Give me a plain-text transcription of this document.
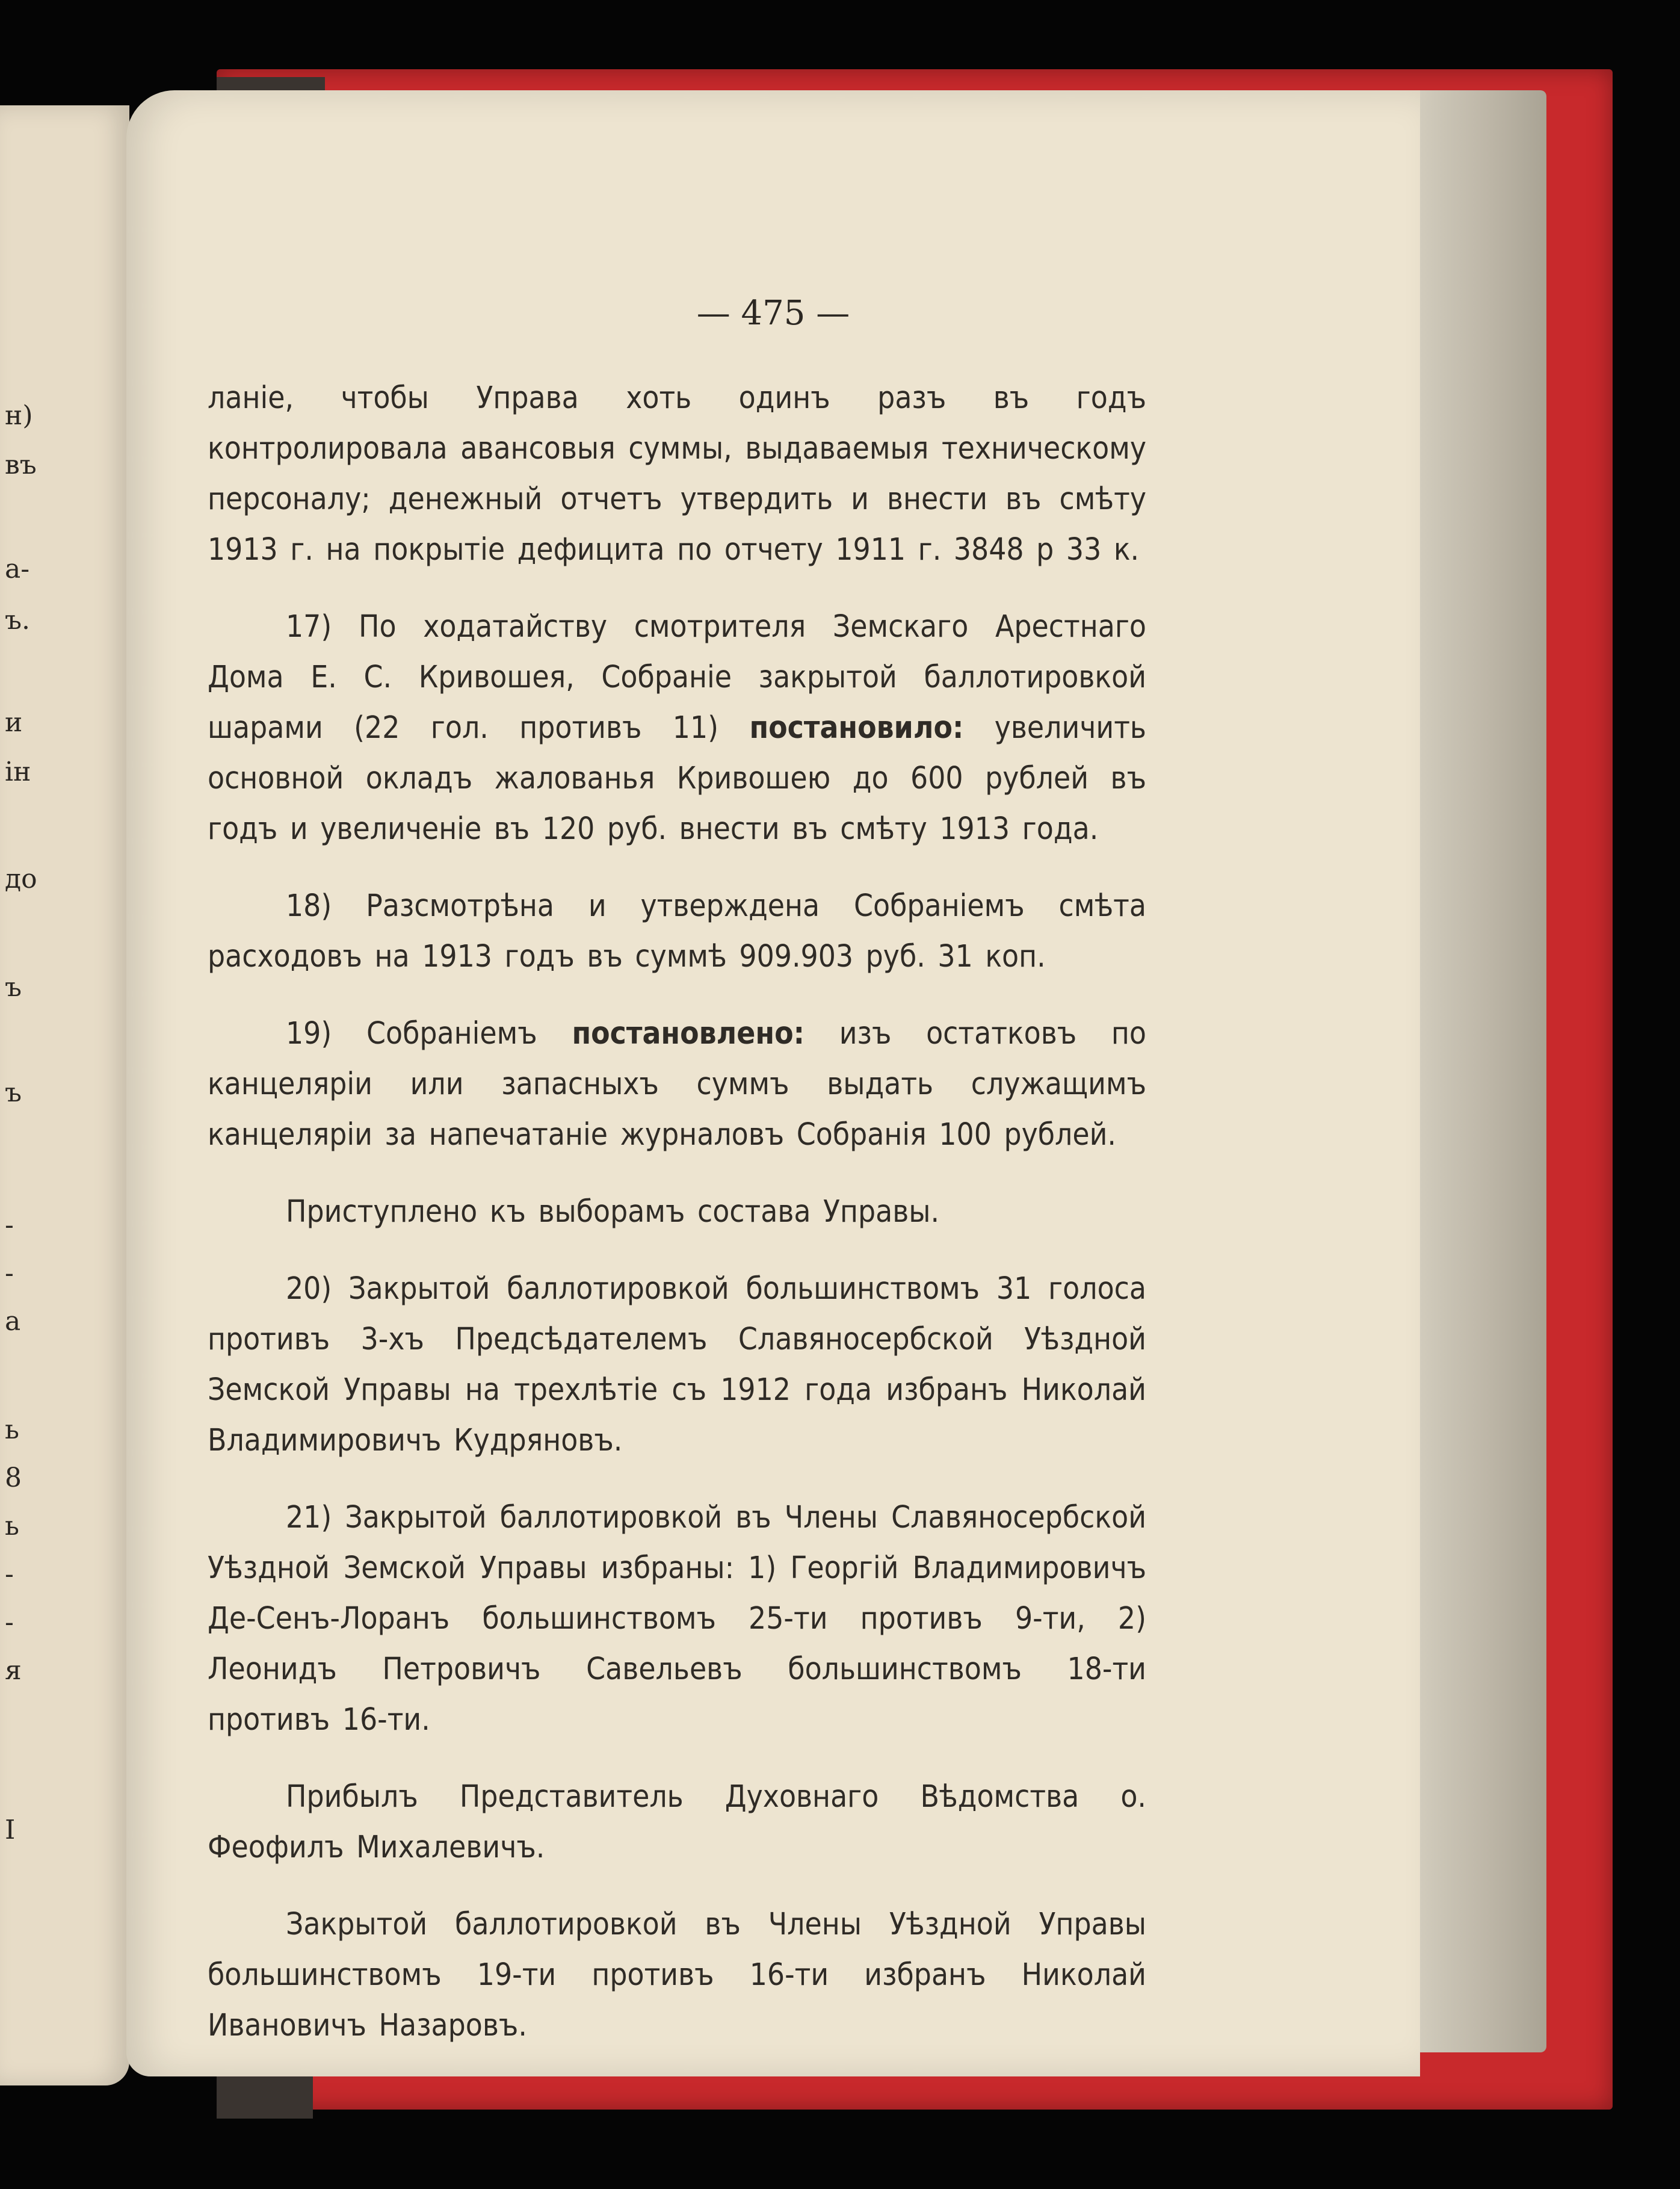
н)
въ
а-
ъ.
и
ін
до
ъ
ъ
-
-
а
ь
8
ь
-
-
я
І
— 475 —

ланіе, чтобы Управа хоть одинъ разъ въ годъ контролировала авансовыя суммы, выдаваемыя техническому персоналу; денежный отчетъ утвердить и внести въ смѣту 1913 г. на покрытіе дефицита по отчету 1911 г. 3848 р 33 к.

17) По ходатайству смотрителя Земскаго Арестнаго Дома Е. С. Кривошея, Собраніе закрытой баллотировкой шарами (22 гол. противъ 11) постановило: увеличить основной окладъ жалованья Кривошею до 600 рублей въ годъ и увеличеніе въ 120 руб. внести въ смѣту 1913 года.

18) Разсмотрѣна и утверждена Собраніемъ смѣта расходовъ на 1913 годъ въ суммѣ 909.903 руб. 31 коп.

19) Собраніемъ постановлено: изъ остатковъ по канцеляріи или запасныхъ суммъ выдать служащимъ канцеляріи за напечатаніе журналовъ Собранія 100 рублей.

Приступлено къ выборамъ состава Управы.

20) Закрытой баллотировкой большинствомъ 31 голоса противъ 3-хъ Предсѣдателемъ Славяносербской Уѣздной Земской Управы на трехлѣтіе съ 1912 года избранъ Николай Владимировичъ Кудряновъ.

21) Закрытой баллотировкой въ Члены Славяносербской Уѣздной Земской Управы избраны: 1) Георгій Владимировичъ Де-Сенъ-Лоранъ большинствомъ 25-ти противъ 9-ти, 2) Леонидъ Петровичъ Савельевъ большинствомъ 18-ти противъ 16-ти.

Прибылъ Представитель Духовнаго Вѣдомства о. Феофилъ Михалевичъ.

Закрытой баллотировкой въ Члены Уѣздной Управы большинствомъ 19-ти противъ 16-ти избранъ Николай Ивановичъ Назаровъ.
